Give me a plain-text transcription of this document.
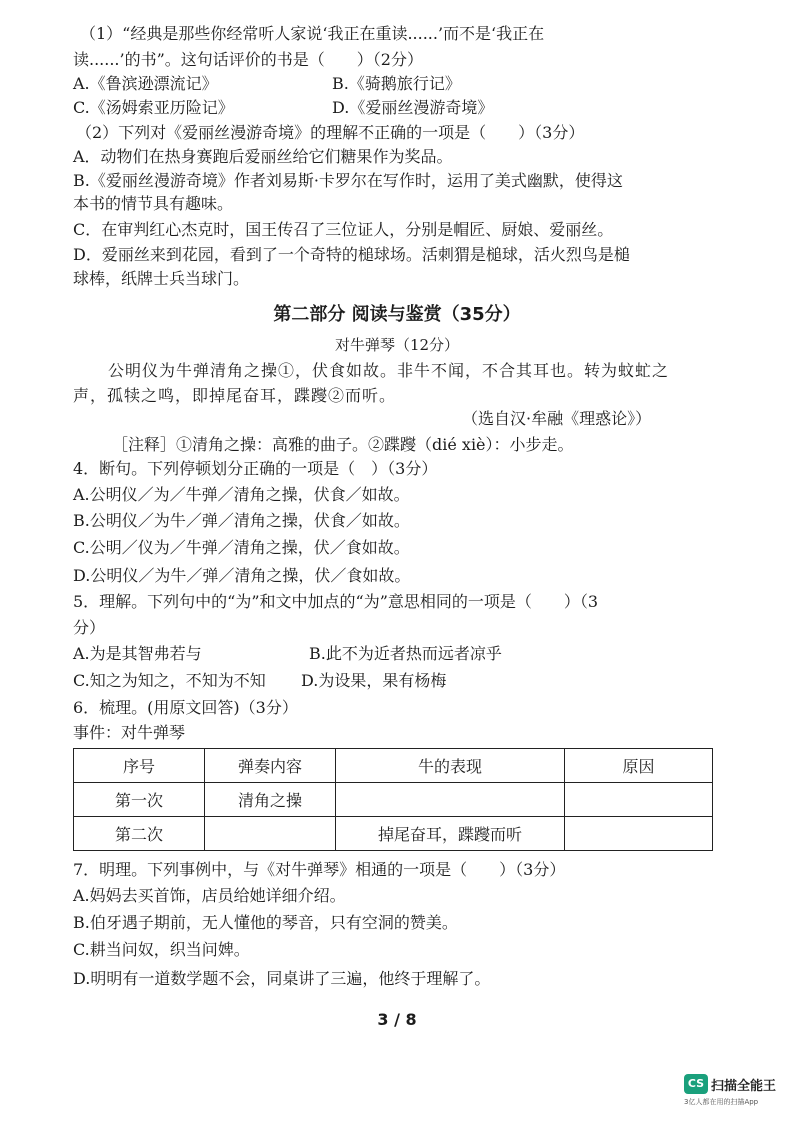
（1）“经典是那些你经常听人家说‘我正在重读......’而不是‘我正在
读......’的书”。这句话评价的书是（　　）（2分）
A.《鲁滨逊漂流记》	B.《骑鹅旅行记》
C.《汤姆索亚历险记》	D.《爱丽丝漫游奇境》
（2）下列对《爱丽丝漫游奇境》的理解不正确的一项是（　　）（3分）
A．动物们在热身赛跑后爱丽丝给它们糖果作为奖品。
B.《爱丽丝漫游奇境》作者刘易斯·卡罗尔在写作时，运用了美式幽默，使得这
本书的情节具有趣味。
C．在审判红心杰克时，国王传召了三位证人，分别是帽匠、厨娘、爱丽丝。
D．爱丽丝来到花园，看到了一个奇特的槌球场。活刺猬是槌球，活火烈鸟是槌
球棒，纸牌士兵当球门。
第二部分 阅读与鉴赏（35分）
对牛弹琴（12分）
公明仪为牛弹清角之操①，伏食如故。非牛不闻，不合其耳也。转为蚊虻之
声，孤犊之鸣，即掉尾奋耳，蹀躞②而听。
（选自汉·牟融《理惑论》）
［注释］①清角之操：高雅的曲子。②蹀躞（dié xiè）：小步走。
4．断句。下列停顿划分正确的一项是（　）（3分）
A.公明仪／为／牛弹／清角之操，伏食／如故。
B.公明仪／为牛／弹／清角之操，伏食／如故。
C.公明／仪为／牛弹／清角之操，伏／食如故。
D.公明仪／为牛／弹／清角之操，伏／食如故。
5．理解。下列句中的“为”和文中加点的“为”意思相同的一项是（　　）（3
分）
A.为是其智弗若与	B.此不为近者热而远者凉乎
C.知之为知之，不知为不知 D.为设果，果有杨梅
6．梳理。(用原文回答)（3分）
事件：对牛弹琴
序号	弹奏内容	牛的表现	原因
第一次	清角之操		
第二次		掉尾奋耳，蹀躞而听	
7．明理。下列事例中，与《对牛弹琴》相通的一项是（　　）（3分）
A.妈妈去买首饰，店员给她详细介绍。
B.伯牙遇子期前，无人懂他的琴音，只有空洞的赞美。
C.耕当问奴，织当问婢。
D.明明有一道数学题不会，同桌讲了三遍，他终于理解了。
3 / 8
CS 扫描全能王
3亿人都在用的扫描App
